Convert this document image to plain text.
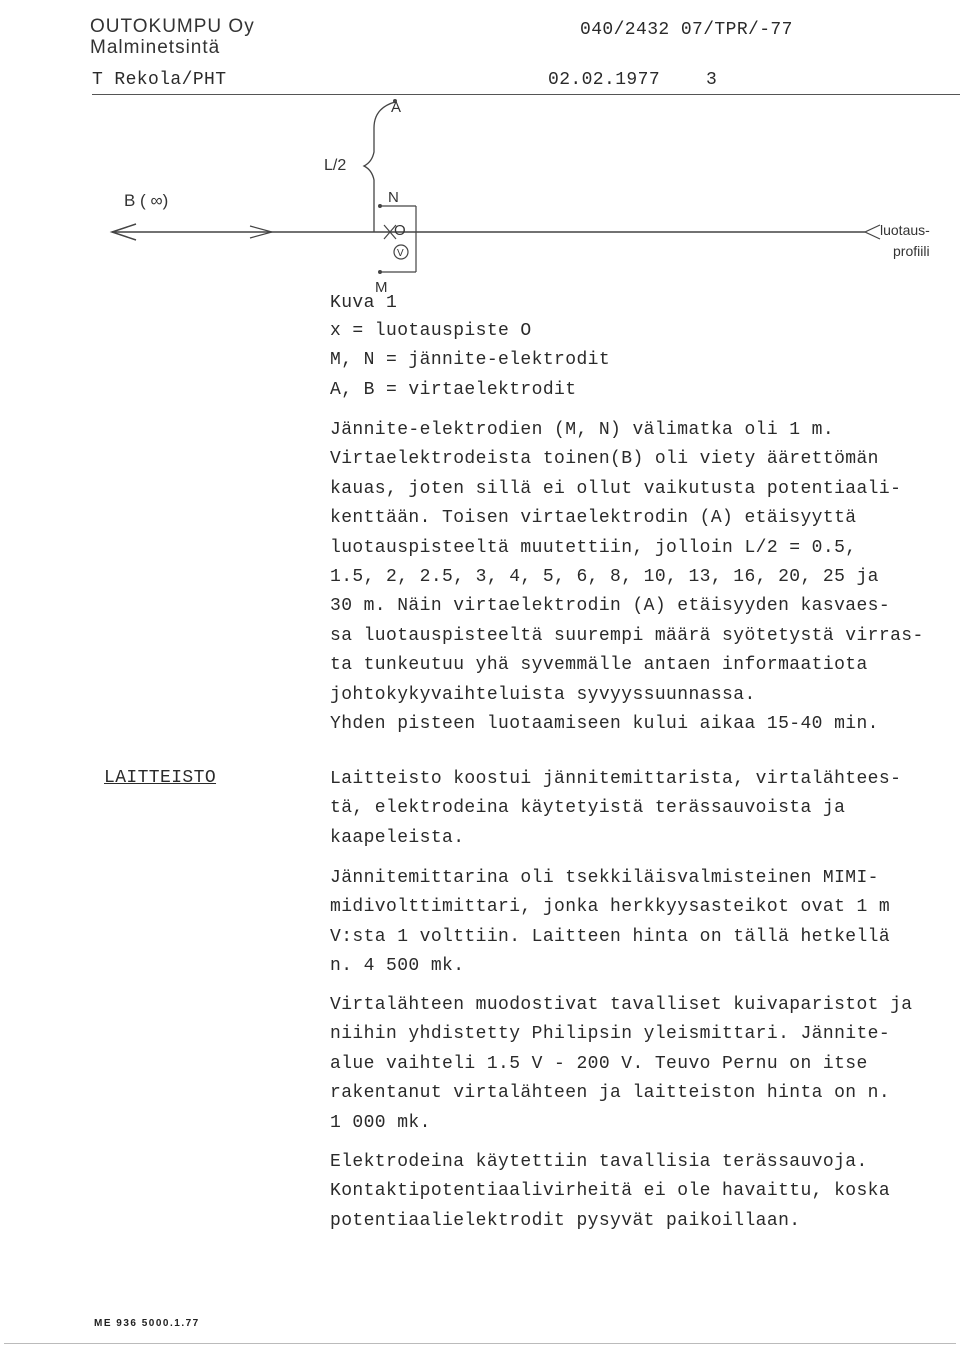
OUTOKUMPU Oy
Malminetsintä
040/2432 07/TPR/-77
T Rekola/PHT	02.02.1977	3
A
L/2
B ( ∞)	N
O
V
M
luotaus-
profiili
Kuva 1
x = luotauspiste O
M, N = jännite-elektrodit
A, B = virtaelektrodit
Jännite-elektrodien (M, N) välimatka oli 1 m.
Virtaelektrodeista toinen(B) oli viety äärettömän
kauas, joten sillä ei ollut vaikutusta potentiaali-
kenttään. Toisen virtaelektrodin (A) etäisyyttä
luotauspisteeltä muutettiin, jolloin L/2 = 0.5,
1.5, 2, 2.5, 3, 4, 5, 6, 8, 10, 13, 16, 20, 25 ja
30 m. Näin virtaelektrodin (A) etäisyyden kasvaes-
sa luotauspisteeltä suurempi määrä syötetystä virras-
ta tunkeutuu yhä syvemmälle antaen informaatiota
johtokykyvaihteluista syvyyssuunnassa.
Yhden pisteen luotaamiseen kului aikaa 15-40 min.
LAITTEISTO	Laitteisto koostui jännitemittarista, virtalähtees-
tä, elektrodeina käytetyistä terässauvoista ja
kaapeleista.
Jännitemittarina oli tsekkiläisvalmisteinen MIMI-
midivolttimittari, jonka herkkyysasteikot ovat 1 m
V:sta 1 volttiin. Laitteen hinta on tällä hetkellä
n. 4 500 mk.
Virtalähteen muodostivat tavalliset kuivaparistot ja
niihin yhdistetty Philipsin yleismittari. Jännite-
alue vaihteli 1.5 V - 200 V. Teuvo Pernu on itse
rakentanut virtalähteen ja laitteiston hinta on n.
1 000 mk.
Elektrodeina käytettiin tavallisia terässauvoja.
Kontaktipotentiaalivirheitä ei ole havaittu, koska
potentiaalielektrodit pysyvät paikoillaan.
ME 936 5000.1.77
